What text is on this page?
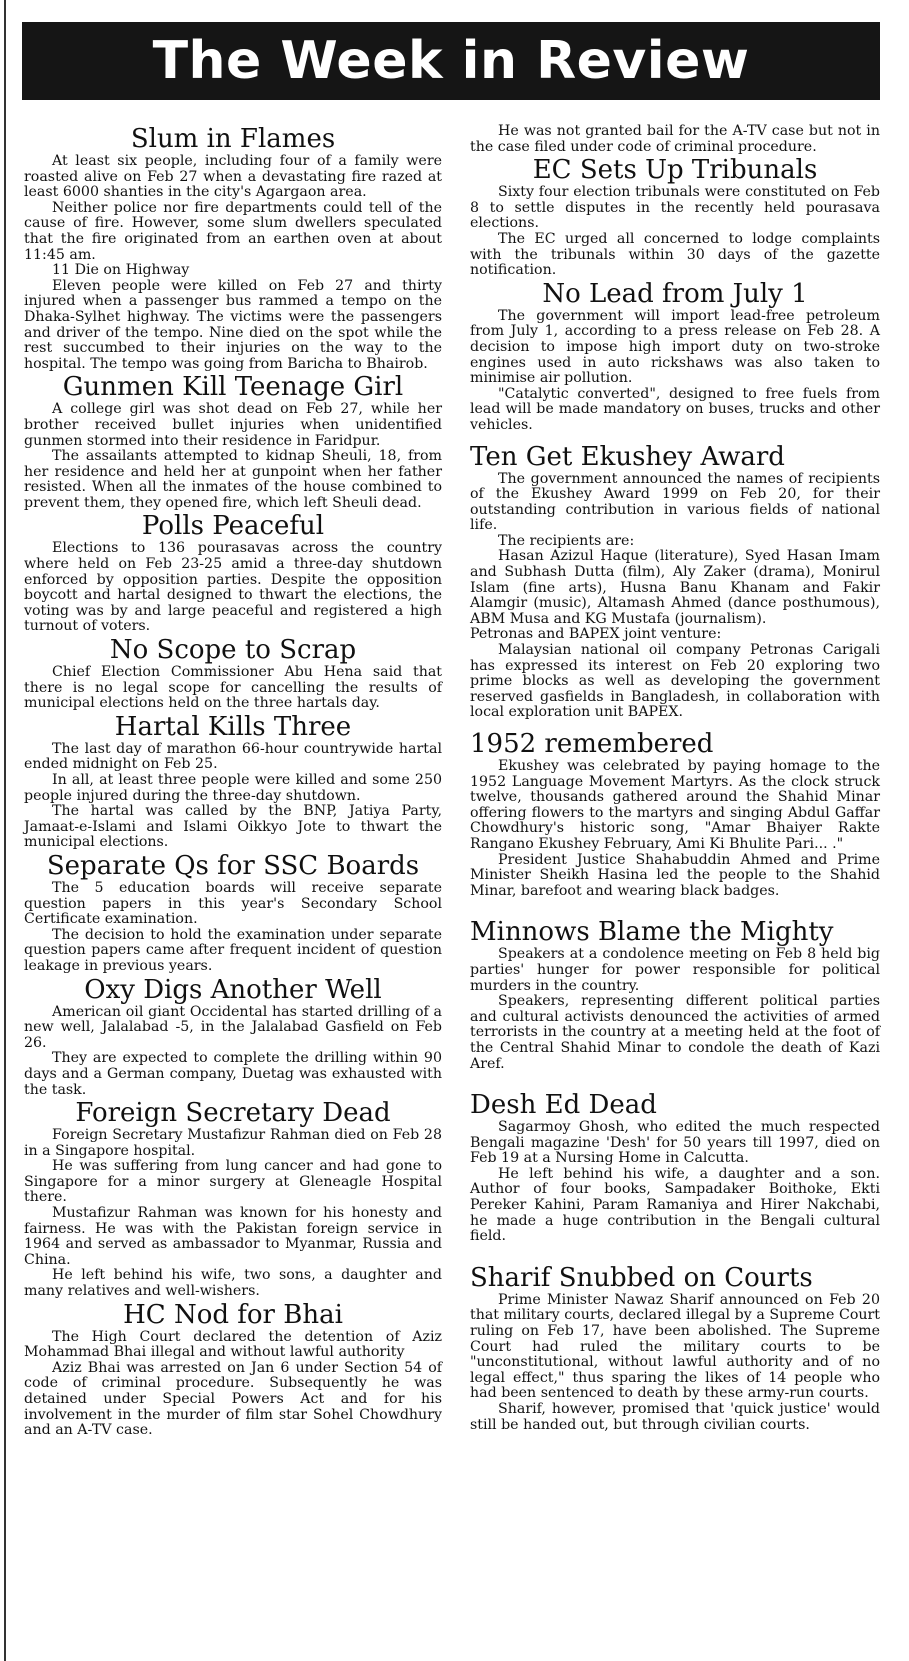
The Week in Review
Slum in Flames

At least six people, including four of a family were roasted alive on Feb 27 when a devastating fire razed at least 6000 shanties in the city's Agargaon area.

Neither police nor fire departments could tell of the cause of fire. However, some slum dwellers speculated that the fire originated from an earthen oven at about 11:45 am.

11 Die on Highway

Eleven people were killed on Feb 27 and thirty injured when a passenger bus rammed a tempo on the Dhaka-Sylhet highway. The victims were the passengers and driver of the tempo. Nine died on the spot while the rest succumbed to their injuries on the way to the hospital. The tempo was going from Baricha to Bhairob.

Gunmen Kill Teenage Girl

A college girl was shot dead on Feb 27, while her brother received bullet injuries when unidentified gunmen stormed into their residence in Faridpur.

The assailants attempted to kidnap Sheuli, 18, from her residence and held her at gunpoint when her father resisted. When all the inmates of the house combined to prevent them, they opened fire, which left Sheuli dead.

Polls Peaceful

Elections to 136 pourasavas across the country where held on Feb 23-25 amid a three-day shutdown enforced by opposition parties. Despite the opposition boycott and hartal designed to thwart the elections, the voting was by and large peaceful and registered a high turnout of voters.

No Scope to Scrap

Chief Election Commissioner Abu Hena said that there is no legal scope for cancelling the results of municipal elections held on the three hartals day.

Hartal Kills Three

The last day of marathon 66-hour countrywide hartal ended midnight on Feb 25.

In all, at least three people were killed and some 250 people injured during the three-day shutdown.

The hartal was called by the BNP, Jatiya Party, Jamaat-e-Islami and Islami Oikkyo Jote to thwart the municipal elections.

Separate Qs for SSC Boards

The 5 education boards will receive separate question papers in this year's Secondary School Certificate examination.

The decision to hold the examination under separate question papers came after frequent incident of question leakage in previous years.

Oxy Digs Another Well

American oil giant Occidental has started drilling of a new well, Jalalabad -5, in the Jalalabad Gasfield on Feb 26.

They are expected to complete the drilling within 90 days and a German company, Duetag was exhausted with the task.

Foreign Secretary Dead

Foreign Secretary Mustafizur Rahman died on Feb 28 in a Singapore hospital.

He was suffering from lung cancer and had gone to Singapore for a minor surgery at Gleneagle Hospital there.

Mustafizur Rahman was known for his honesty and fairness. He was with the Pakistan foreign service in 1964 and served as ambassador to Myanmar, Russia and China.

He left behind his wife, two sons, a daughter and many relatives and well-wishers.

HC Nod for Bhai

The High Court declared the detention of Aziz Mohammad Bhai illegal and without lawful authority

Aziz Bhai was arrested on Jan 6 under Section 54 of code of criminal procedure. Subsequently he was detained under Special Powers Act and for his involvement in the murder of film star Sohel Chowdhury and an A-TV case.

He was not granted bail for the A-TV case but not in the case filed under code of criminal procedure.

EC Sets Up Tribunals

Sixty four election tribunals were constituted on Feb 8 to settle disputes in the recently held pourasava elections.

The EC urged all concerned to lodge complaints with the tribunals within 30 days of the gazette notification.

No Lead from July 1

The government will import lead-free petroleum from July 1, according to a press release on Feb 28. A decision to impose high import duty on two-stroke engines used in auto rickshaws was also taken to minimise air pollution.

"Catalytic converted", designed to free fuels from lead will be made mandatory on buses, trucks and other vehicles.

Ten Get Ekushey Award

The government announced the names of recipients of the Ekushey Award 1999 on Feb 20, for their outstanding contribution in various fields of national life.

The recipients are:

Hasan Azizul Haque (literature), Syed Hasan Imam and Subhash Dutta (film), Aly Zaker (drama), Monirul Islam (fine arts), Husna Banu Khanam and Fakir Alamgir (music), Altamash Ahmed (dance posthumous), ABM Musa and KG Mustafa (journalism).

Petronas and BAPEX joint venture:

Malaysian national oil company Petronas Carigali has expressed its interest on Feb 20 exploring two prime blocks as well as developing the government reserved gasfields in Bangladesh, in collaboration with local exploration unit BAPEX.

1952 remembered

Ekushey was celebrated by paying homage to the 1952 Language Movement Martyrs. As the clock struck twelve, thousands gathered around the Shahid Minar offering flowers to the martyrs and singing Abdul Gaffar Chowdhury's historic song, "Amar Bhaiyer Rakte Rangano Ekushey February, Ami Ki Bhulite Pari... ."

President Justice Shahabuddin Ahmed and Prime Minister Sheikh Hasina led the people to the Shahid Minar, barefoot and wearing black badges.

Minnows Blame the Mighty

Speakers at a condolence meeting on Feb 8 held big parties' hunger for power responsible for political murders in the country.

Speakers, representing different political parties and cultural activists denounced the activities of armed terrorists in the country at a meeting held at the foot of the Central Shahid Minar to condole the death of Kazi Aref.

Desh Ed Dead

Sagarmoy Ghosh, who edited the much respected Bengali magazine 'Desh' for 50 years till 1997, died on Feb 19 at a Nursing Home in Calcutta.

He left behind his wife, a daughter and a son. Author of four books, Sampadaker Boithoke, Ekti Pereker Kahini, Param Ramaniya and Hirer Nakchabi, he made a huge contribution in the Bengali cultural field.

Sharif Snubbed on Courts

Prime Minister Nawaz Sharif announced on Feb 20 that military courts, declared illegal by a Supreme Court ruling on Feb 17, have been abolished. The Supreme Court had ruled the military courts to be "unconstitutional, without lawful authority and of no legal effect," thus sparing the likes of 14 people who had been sentenced to death by these army-run courts.

Sharif, however, promised that 'quick justice' would still be handed out, but through civilian courts.
